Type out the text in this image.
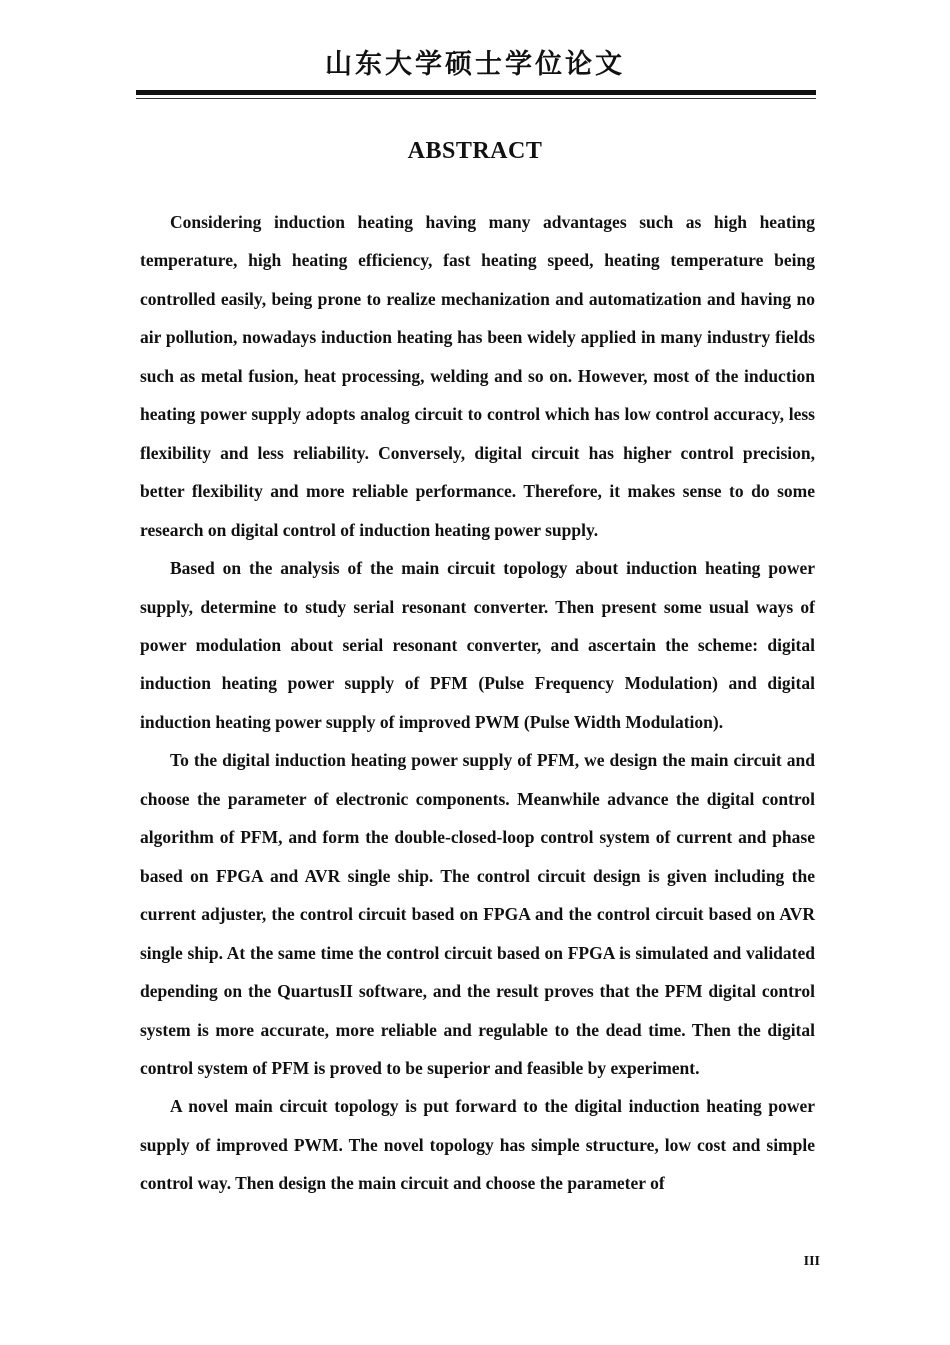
山东大学硕士学位论文
ABSTRACT

Considering induction heating having many advantages such as high heating temperature, high heating efficiency, fast heating speed, heating temperature being controlled easily, being prone to realize mechanization and automatization and having no air pollution, nowadays induction heating has been widely applied in many industry fields such as metal fusion, heat processing, welding and so on. However, most of the induction heating power supply adopts analog circuit to control which has low control accuracy, less flexibility and less reliability. Conversely, digital circuit has higher control precision, better flexibility and more reliable performance. Therefore, it makes sense to do some research on digital control of induction heating power supply.

Based on the analysis of the main circuit topology about induction heating power supply, determine to study serial resonant converter. Then present some usual ways of power modulation about serial resonant converter, and ascertain the scheme: digital induction heating power supply of PFM (Pulse Frequency Modulation) and digital induction heating power supply of improved PWM (Pulse Width Modulation).

To the digital induction heating power supply of PFM, we design the main circuit and choose the parameter of electronic components. Meanwhile advance the digital control algorithm of PFM, and form the double-closed-loop control system of current and phase based on FPGA and AVR single ship. The control circuit design is given including the current adjuster, the control circuit based on FPGA and the control circuit based on AVR single ship. At the same time the control circuit based on FPGA is simulated and validated depending on the QuartusII software, and the result proves that the PFM digital control system is more accurate, more reliable and regulable to the dead time. Then the digital control system of PFM is proved to be superior and feasible by experiment.

A novel main circuit topology is put forward to the digital induction heating power supply of improved PWM. The novel topology has simple structure, low cost and simple control way. Then design the main circuit and choose the parameter of

III
